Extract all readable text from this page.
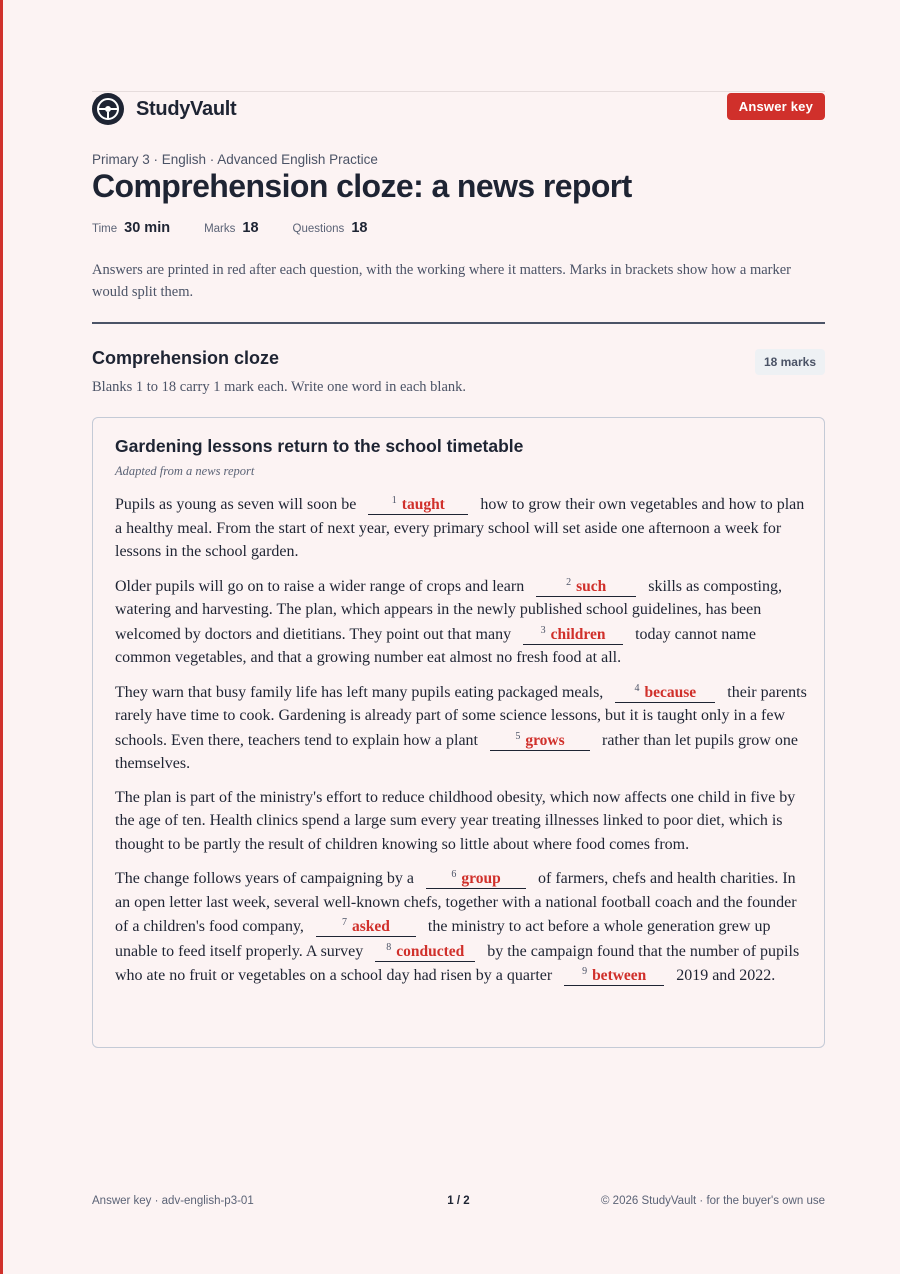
StudyVault	Answer key
Primary 3 · English · Advanced English Practice
Comprehension cloze: a news report
Time 30 min	Marks 18	Questions 18

Answers are printed in red after each question, with the working where it matters. Marks in brackets show how a marker would split them.

Comprehension cloze	18 marks

Blanks 1 to 18 carry 1 mark each. Write one word in each blank.

Gardening lessons return to the school timetable
Adapted from a news report

Pupils as young as seven will soon be	$^1$ taught how to grow their own vegetables and how to plan a healthy meal. From the start of next year, every primary school will set aside one afternoon a week for lessons in the school garden.

Older pupils will go on to raise a wider range of crops and learn	$^2$ such skills as composting, watering and harvesting. The plan, which appears in the newly published school guidelines, has been welcomed by doctors and dietitians. They point out that many	$^3$ children today cannot name common vegetables, and that a growing number eat almost no fresh food at all.

They warn that busy family life has left many pupils eating packaged meals,	$^4$ because their parents rarely have time to cook. Gardening is already part of some science lessons, but it is taught only in a few schools. Even there, teachers tend to explain how a plant	$^5$ grows rather than let pupils grow one themselves.

The plan is part of the ministry's effort to reduce childhood obesity, which now affects one child in five by the age of ten. Health clinics spend a large sum every year treating illnesses linked to poor diet, which is thought to be partly the result of children knowing so little about where food comes from.

The change follows years of campaigning by a	$^6$ group of farmers, chefs and health charities. In an open letter last week, several well-known chefs, together with a national football coach and the founder of a children's food company,	$^7$ asked the ministry to act before a whole generation grew up unable to feed itself properly. A survey $^8$ conducted by the campaign found that the number of pupils who ate no fruit or vegetables on a school day had risen by a quarter	$^9$ between 2019 and 2022.

Answer key · adv-english-p3-01	1 / 2	© 2026 StudyVault · for the buyer's own use
